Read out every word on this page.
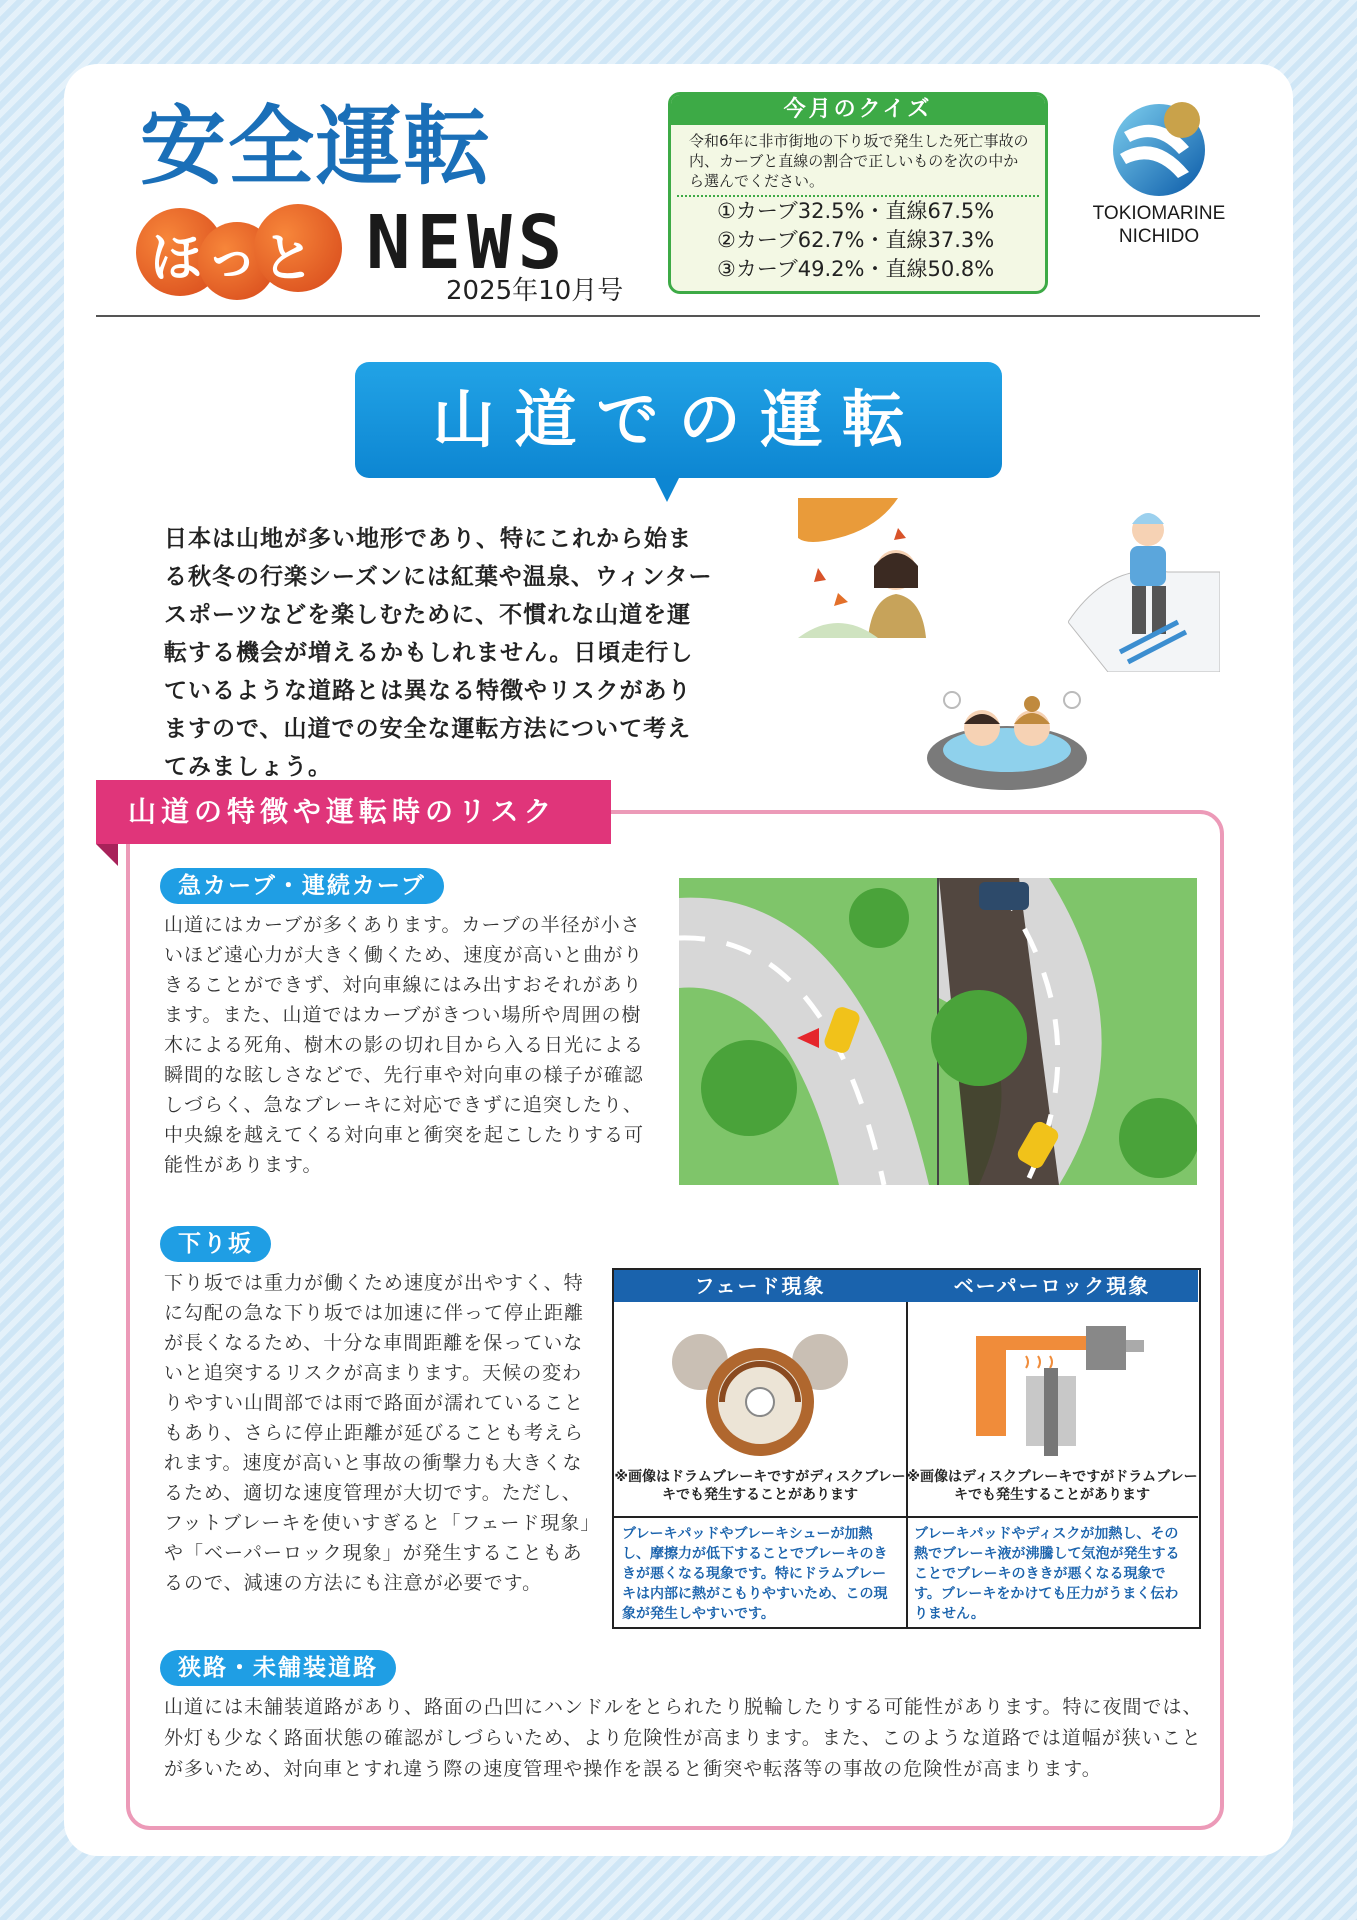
安全運転
ほっと NEWS
2025年10月号
今月のクイズ
令和6年に非市街地の下り坂で発生した死亡事故の内、カーブと直線の割合で正しいものを次の中から選んでください。
①カーブ32.5%・直線67.5%
②カーブ62.7%・直線37.3%
③カーブ49.2%・直線50.8%
TOKIOMARINE
NICHIDO
山道での運転
日本は山地が多い地形であり、特にこれから始まる秋冬の行楽シーズンには紅葉や温泉、ウィンタースポーツなどを楽しむために、不慣れな山道を運転する機会が増えるかもしれません。日頃走行しているような道路とは異なる特徴やリスクがありますので、山道での安全な運転方法について考えてみましょう。
山道の特徴や運転時のリスク
急カーブ・連続カーブ
山道にはカーブが多くあります。カーブの半径が小さいほど遠心力が大きく働くため、速度が高いと曲がりきることができず、対向車線にはみ出すおそれがあります。また、山道ではカーブがきつい場所や周囲の樹木による死角、樹木の影の切れ目から入る日光による瞬間的な眩しさなどで、先行車や対向車の様子が確認しづらく、急なブレーキに対応できずに追突したり、中央線を越えてくる対向車と衝突を起こしたりする可能性があります。
下り坂
下り坂では重力が働くため速度が出やすく、特に勾配の急な下り坂では加速に伴って停止距離が長くなるため、十分な車間距離を保っていないと追突するリスクが高まります。天候の変わりやすい山間部では雨で路面が濡れていることもあり、さらに停止距離が延びることも考えられます。速度が高いと事故の衝撃力も大きくなるため、適切な速度管理が大切です。ただし、フットブレーキを使いすぎると「フェード現象」や「ベーパーロック現象」が発生することもあるので、減速の方法にも注意が必要です。
フェード現象
※画像はドラムブレーキですがディスクブレーキでも発生することがあります
ブレーキパッドやブレーキシューが加熱し、摩擦力が低下することでブレーキのききが悪くなる現象です。特にドラムブレーキは内部に熱がこもりやすいため、この現象が発生しやすいです。
ベーパーロック現象
※画像はディスクブレーキですがドラムブレーキでも発生することがあります
ブレーキパッドやディスクが加熱し、その熱でブレーキ液が沸騰して気泡が発生することでブレーキのききが悪くなる現象です。ブレーキをかけても圧力がうまく伝わりません。
狭路・未舗装道路
山道には未舗装道路があり、路面の凸凹にハンドルをとられたり脱輪したりする可能性があります。特に夜間では、外灯も少なく路面状態の確認がしづらいため、より危険性が高まります。また、このような道路では道幅が狭いことが多いため、対向車とすれ違う際の速度管理や操作を誤ると衝突や転落等の事故の危険性が高まります。
